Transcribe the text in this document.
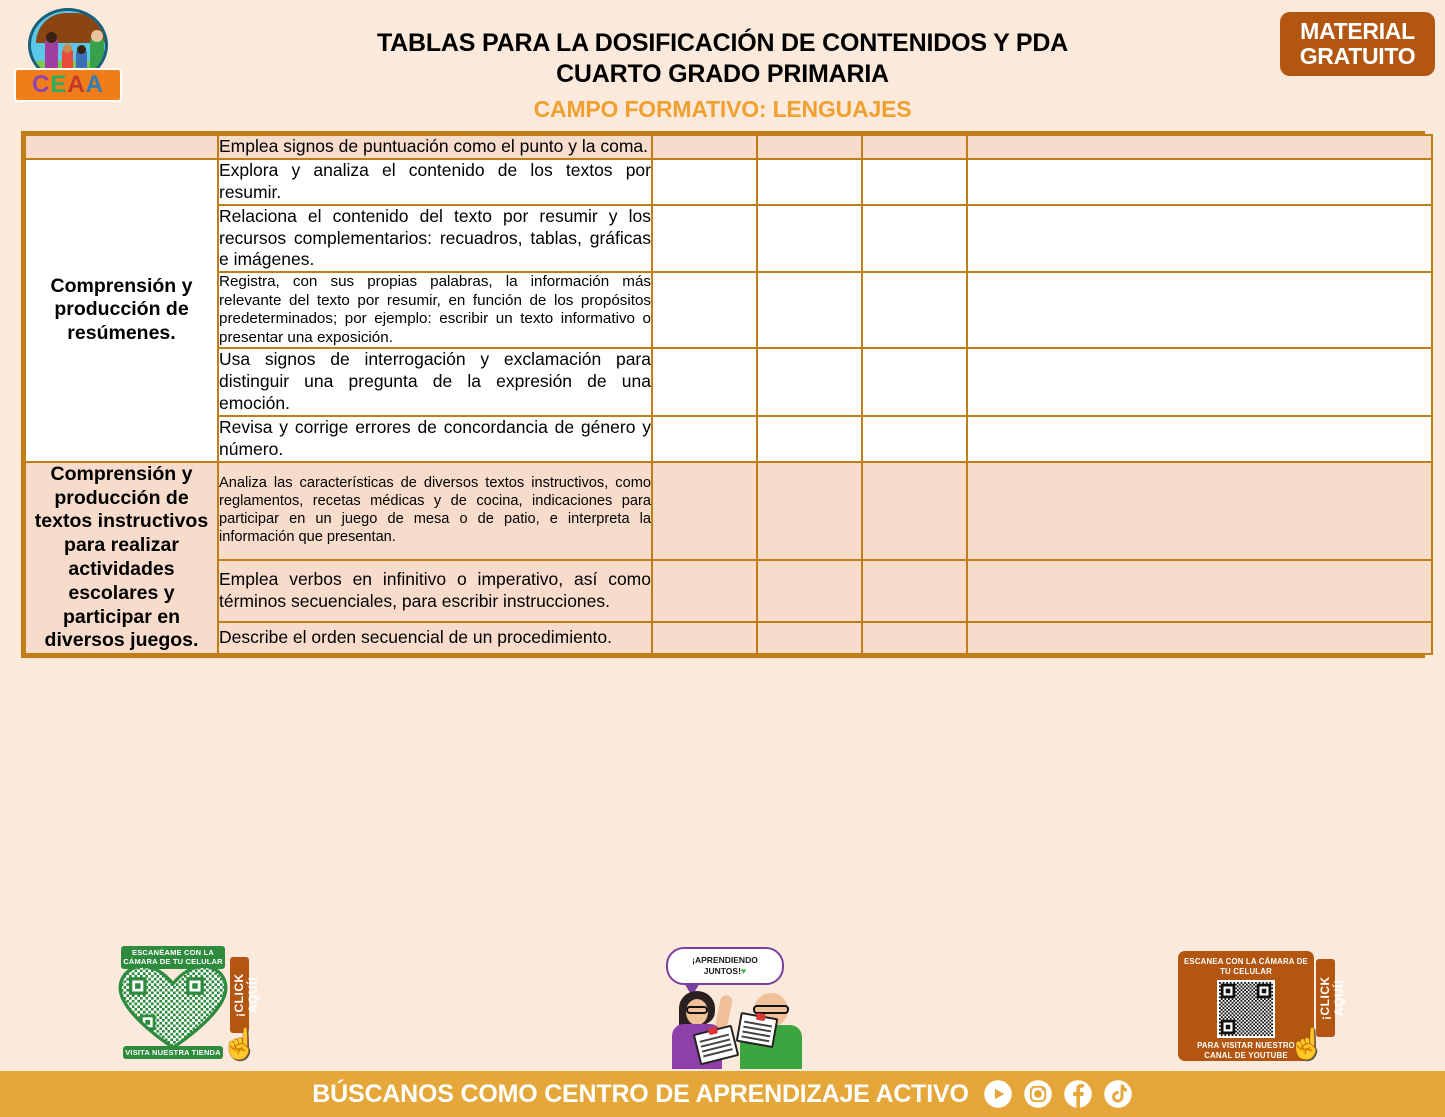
C E A A
TABLAS PARA LA DOSIFICACIÓN DE CONTENIDOS Y PDA
CUARTO GRADO PRIMARIA
CAMPO FORMATIVO: LENGUAJES
MATERIAL
GRATUITO
	Emplea signos de puntuación como el punto y la coma.				
Comprensión y producción de resúmenes.	Explora y analiza el contenido de los textos por resumir.				
	Relaciona el contenido del texto por resumir y los recursos complementarios: recuadros, tablas, gráficas e imágenes.				
	Registra, con sus propias palabras, la información más relevante del texto por resumir, en función de los propósitos predeterminados; por ejemplo: escribir un texto informativo o presentar una exposición.				
	Usa signos de interrogación y exclamación para distinguir una pregunta de la expresión de una emoción.				
	Revisa y corrige errores de concordancia de género y número.				
Comprensión y producción de textos instructivos para realizar actividades escolares y participar en diversos juegos.	Analiza las características de diversos textos instructivos, como reglamentos, recetas médicas y de cocina, indicaciones para participar en un juego de mesa o de patio, e interpreta la información que presentan.				
	Emplea verbos en infinitivo o imperativo, así como términos secuenciales, para escribir instrucciones.				
	Describe el orden secuencial de un procedimiento.				
ESCANÉAME CON LA CÁMARA DE TU CELULAR
VISITA NUESTRA TIENDA
¡CLICK AQUÍ!
☝
¡APRENDIENDO
JUNTOS!♥
ESCANEA CON LA CÁMARA DE TU CELULAR
PARA VISITAR NUESTRO CANAL DE YOUTUBE
¡CLICK AQUÍ!
☝
BÚSCANOS COMO CENTRO DE APRENDIZAJE ACTIVO
